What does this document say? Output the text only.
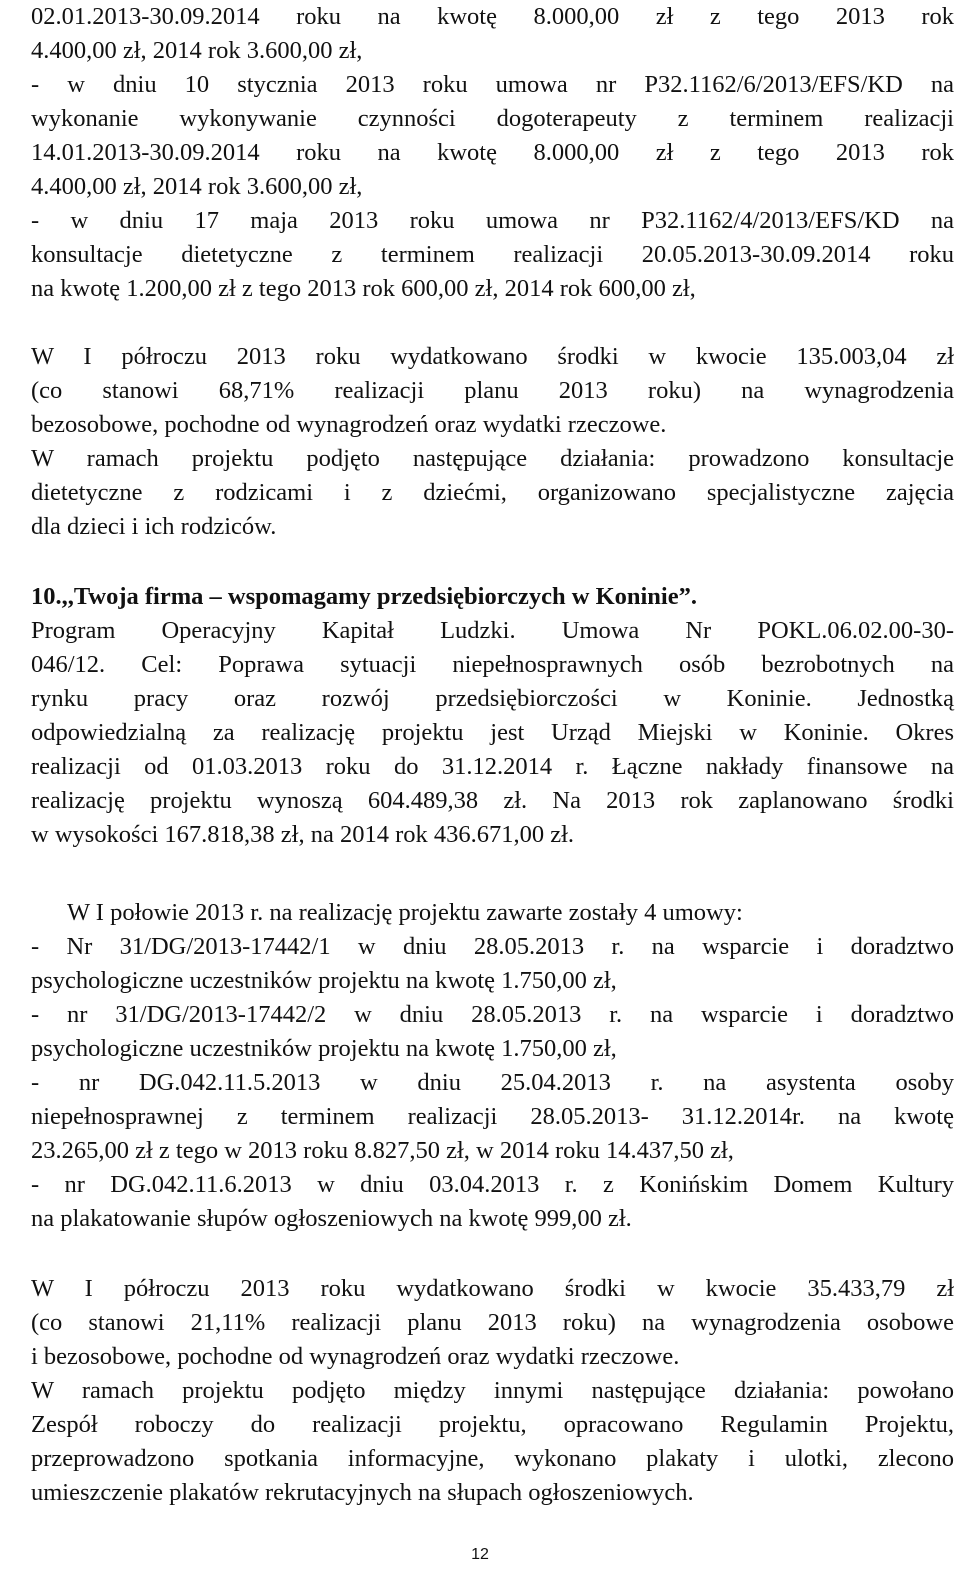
02.01.2013-30.09.2014 roku na kwotę 8.000,00 zł z tego 2013 rok
4.400,00 zł, 2014 rok 3.600,00 zł,
- w dniu 10 stycznia 2013 roku umowa nr P32.1162/6/2013/EFS/KD na
wykonanie wykonywanie czynności dogoterapeuty z terminem realizacji
14.01.2013-30.09.2014 roku na kwotę 8.000,00 zł z tego 2013 rok
4.400,00 zł, 2014 rok 3.600,00 zł,
- w dniu 17 maja 2013 roku umowa nr P32.1162/4/2013/EFS/KD na
konsultacje dietetyczne z terminem realizacji 20.05.2013-30.09.2014 roku
na kwotę 1.200,00 zł z tego 2013 rok 600,00 zł, 2014 rok 600,00 zł,
W I półroczu 2013 roku wydatkowano środki w kwocie 135.003,04 zł
(co stanowi 68,71% realizacji planu 2013 roku) na wynagrodzenia
bezosobowe, pochodne od wynagrodzeń oraz wydatki rzeczowe.
W ramach projektu podjęto następujące działania: prowadzono konsultacje
dietetyczne z rodzicami i z dziećmi, organizowano specjalistyczne zajęcia
dla dzieci i ich rodziców.
10.,,Twoja firma – wspomagamy przedsiębiorczych w Koninie”.
Program Operacyjny Kapitał Ludzki. Umowa Nr POKL.06.02.00-30-
046/12. Cel: Poprawa sytuacji niepełnosprawnych osób bezrobotnych na
rynku pracy oraz rozwój przedsiębiorczości w Koninie. Jednostką
odpowiedzialną za realizację projektu jest Urząd Miejski w Koninie. Okres
realizacji od 01.03.2013 roku do 31.12.2014 r. Łączne nakłady finansowe na
realizację projektu wynoszą 604.489,38 zł. Na 2013 rok zaplanowano środki
w wysokości 167.818,38 zł, na 2014 rok 436.671,00 zł.
W I połowie 2013 r. na realizację projektu zawarte zostały 4 umowy:
- Nr 31/DG/2013-17442/1 w dniu 28.05.2013 r. na wsparcie i doradztwo
psychologiczne uczestników projektu na kwotę 1.750,00 zł,
- nr 31/DG/2013-17442/2 w dniu 28.05.2013 r. na wsparcie i doradztwo
psychologiczne uczestników projektu na kwotę 1.750,00 zł,
- nr DG.042.11.5.2013 w dniu 25.04.2013 r. na asystenta osoby
niepełnosprawnej z terminem realizacji 28.05.2013- 31.12.2014r. na kwotę
23.265,00 zł z tego w 2013 roku 8.827,50 zł, w 2014 roku 14.437,50 zł,
- nr DG.042.11.6.2013 w dniu 03.04.2013 r. z Konińskim Domem Kultury
na plakatowanie słupów ogłoszeniowych na kwotę 999,00 zł.
W I półroczu 2013 roku wydatkowano środki w kwocie 35.433,79 zł
(co stanowi 21,11% realizacji planu 2013 roku) na wynagrodzenia osobowe
i bezosobowe, pochodne od wynagrodzeń oraz wydatki rzeczowe.
W ramach projektu podjęto między innymi następujące działania: powołano
Zespół roboczy do realizacji projektu, opracowano Regulamin Projektu,
przeprowadzono spotkania informacyjne, wykonano plakaty i ulotki, zlecono
umieszczenie plakatów rekrutacyjnych na słupach ogłoszeniowych.
12
